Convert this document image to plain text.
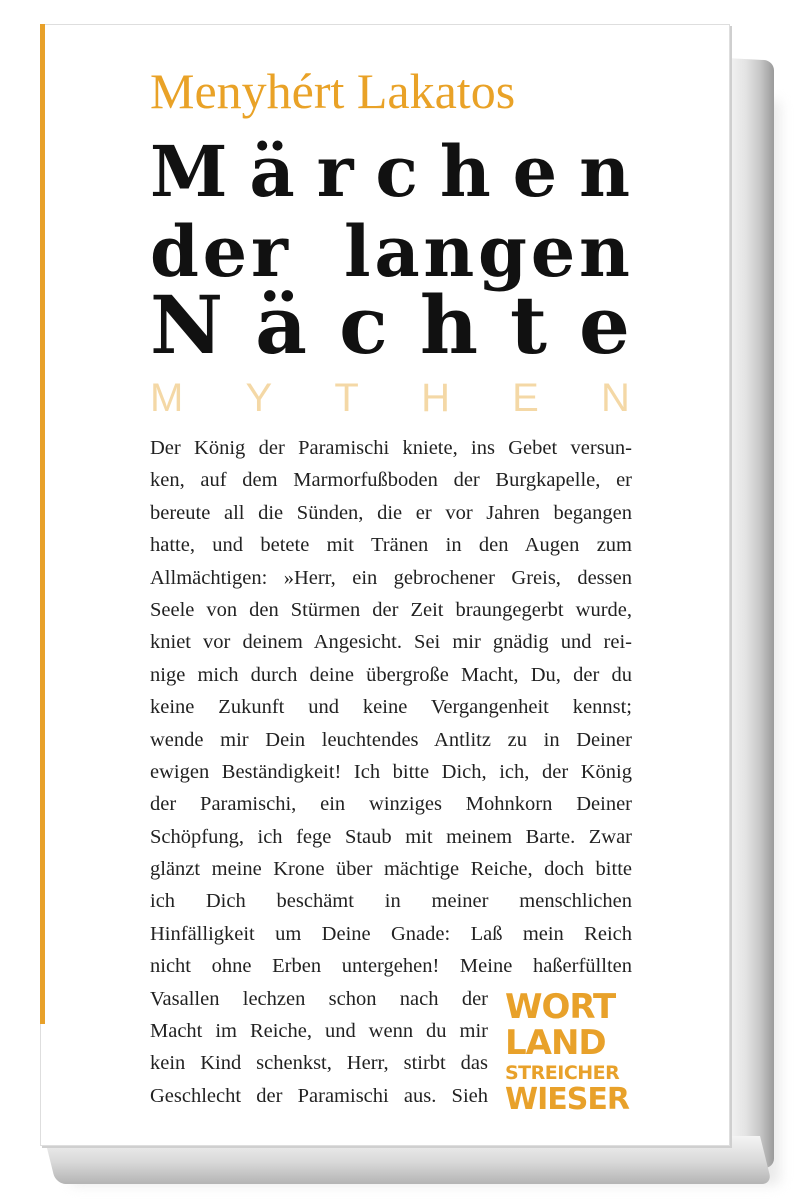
Menyhért Lakatos
M ä r c h e n
d e r
l a n g e n
N ä c h t e
M Y T H E N
Der König der Paramischi kniete, ins Gebet versun-
ken, auf dem Marmorfußboden der Burgkapelle, er
bereute all die Sünden, die er vor Jahren begangen
hatte, und betete mit Tränen in den Augen zum
Allmächtigen: »Herr, ein gebrochener Greis, dessen
Seele von den Stürmen der Zeit braungegerbt wurde,
kniet vor deinem Angesicht. Sei mir gnädig und rei-
nige mich durch deine übergroße Macht, Du, der du
keine Zukunft und keine Vergangenheit kennst;
wende mir Dein leuchtendes Antlitz zu in Deiner
ewigen Beständigkeit! Ich bitte Dich, ich, der König
der Paramischi, ein winziges Mohnkorn Deiner
Schöpfung, ich fege Staub mit meinem Barte. Zwar
glänzt meine Krone über mächtige Reiche, doch bitte
ich Dich beschämt in meiner menschlichen
Hinfälligkeit um Deine Gnade: Laß mein Reich
nicht ohne Erben untergehen! Meine haßerfüllten
Vasallen lechzen schon nach der
Macht im Reiche, und wenn du mir
kein Kind schenkst, Herr, stirbt das
Geschlecht der Paramischi aus. Sieh
WORT
LAND
STREICHER
WIESER
